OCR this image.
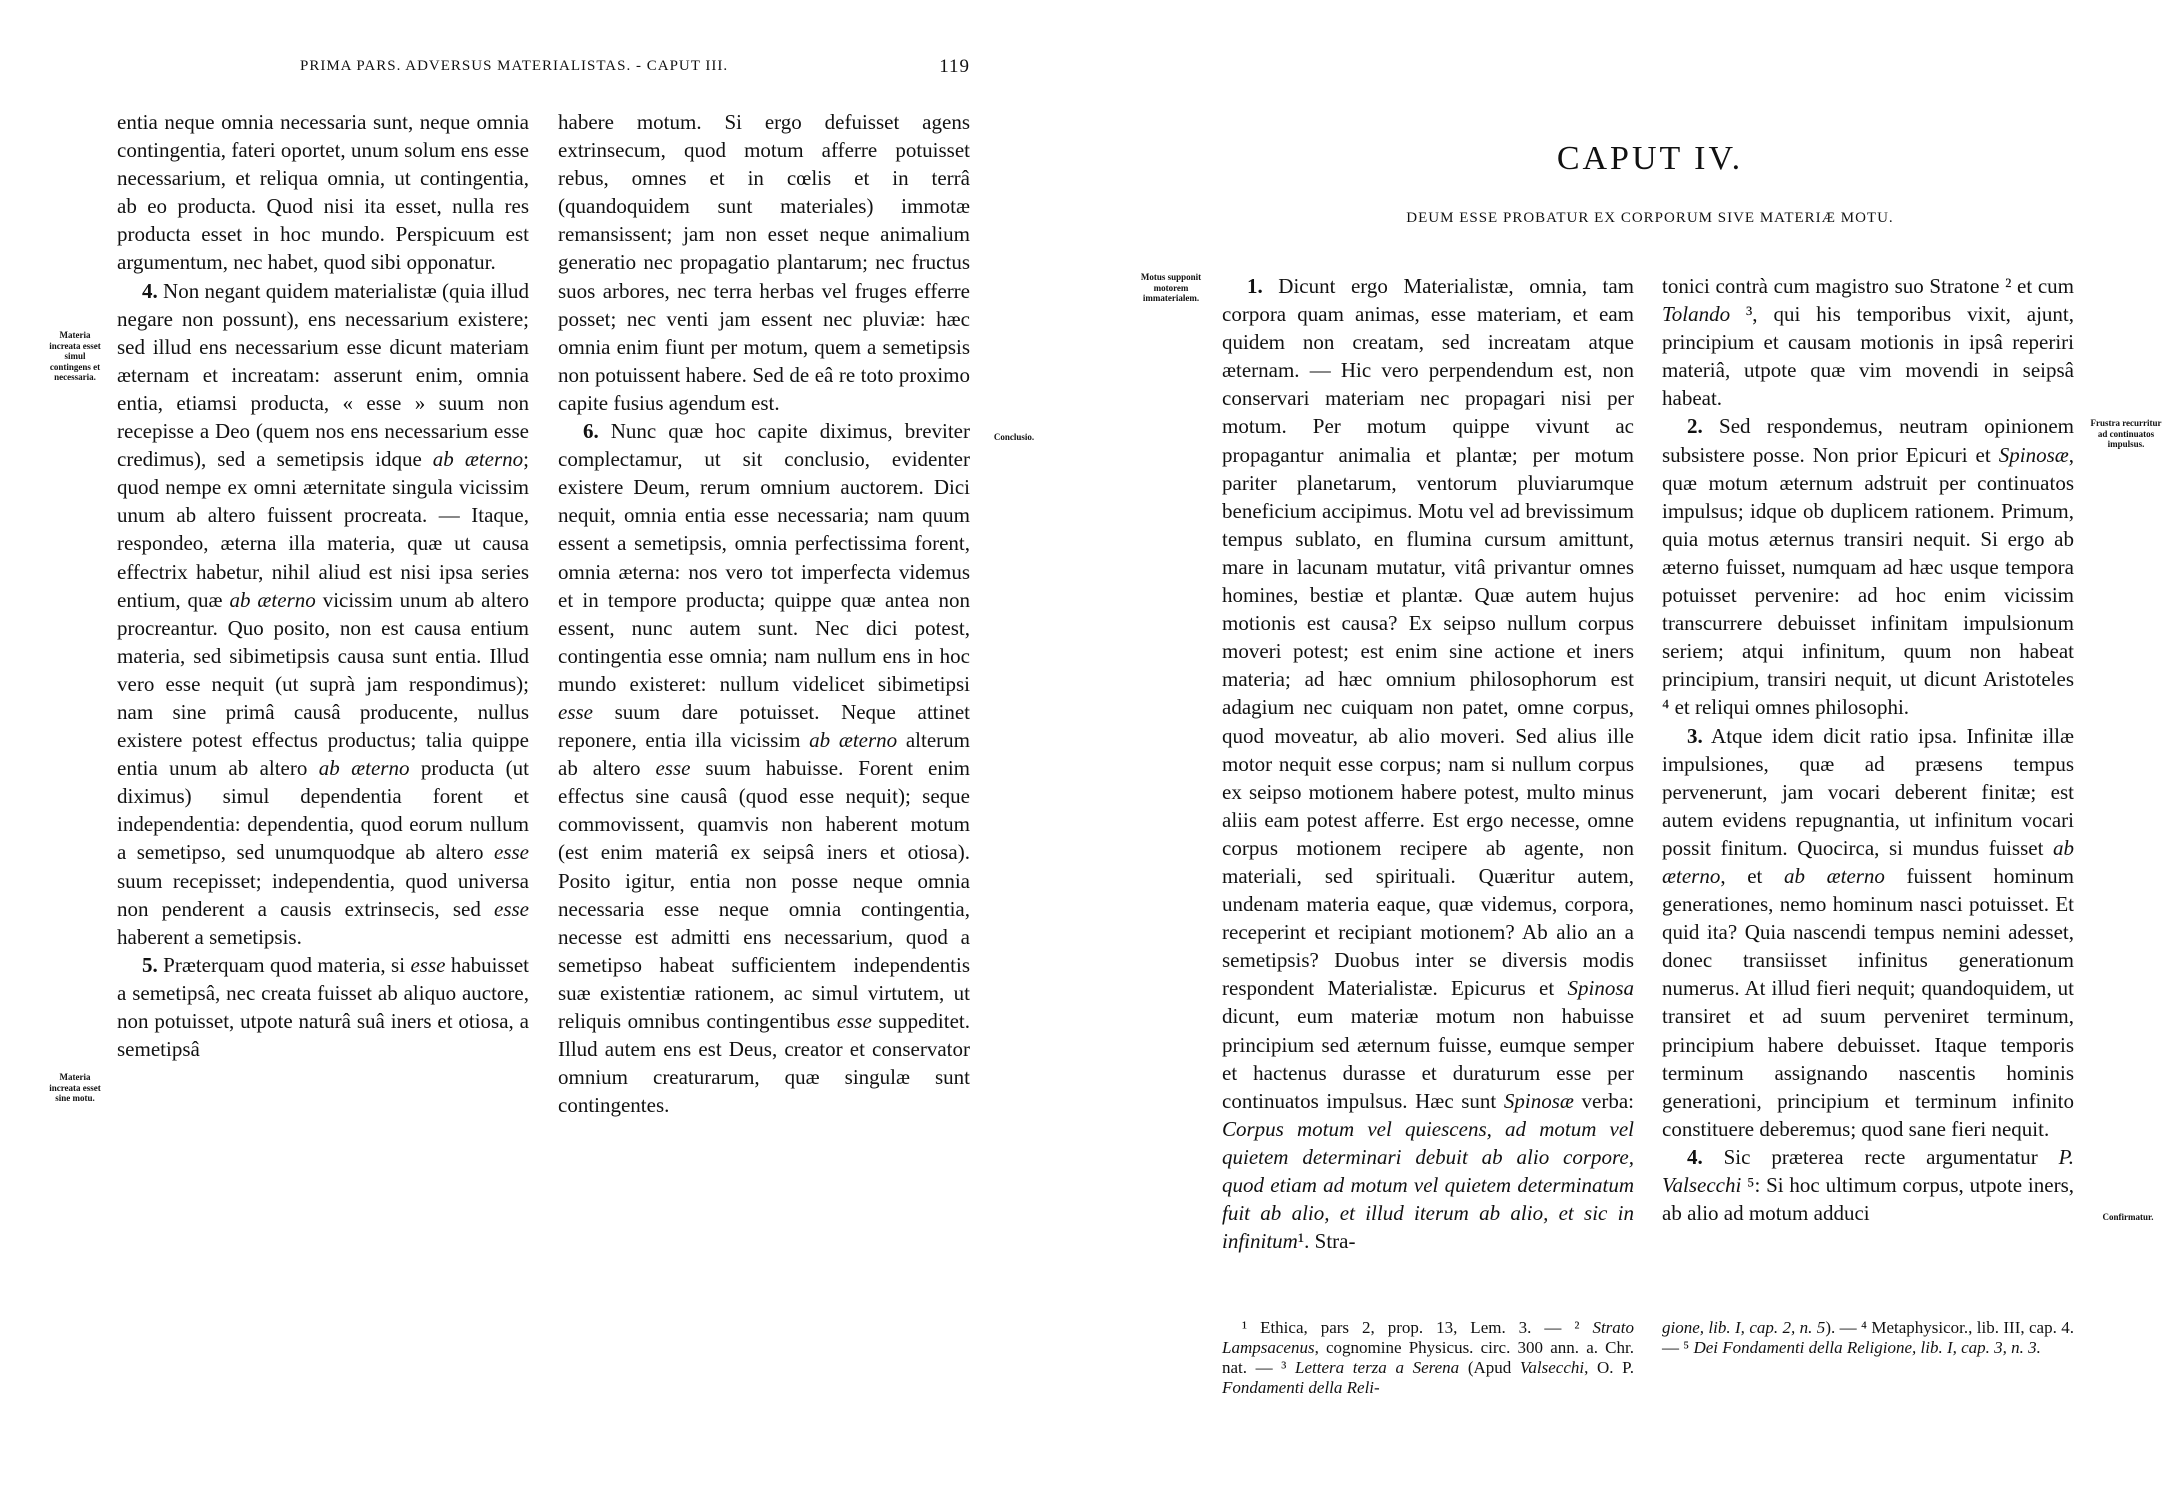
PRIMA PARS. ADVERSUS MATERIALISTAS. - CAPUT III.	119
Materia increata esset simul contingens et necessaria.
Materia increata esset sine motu.
Conclusio.

entia neque omnia necessaria sunt, neque omnia contingentia, fateri oportet, unum solum ens esse necessarium, et reliqua omnia, ut contingentia, ab eo producta. Quod nisi ita esset, nulla res producta esset in hoc mundo. Perspicuum est argumentum, nec habet, quod sibi opponatur.

4. Non negant quidem materialistæ (quia illud negare non possunt), ens necessarium existere; sed illud ens necessarium esse dicunt materiam æternam et increatam: asserunt enim, omnia entia, etiamsi producta, « esse » suum non recepisse a Deo (quem nos ens necessarium esse credimus), sed a semetipsis idque ab æterno; quod nempe ex omni æternitate singula vicissim unum ab altero fuissent procreata. — Itaque, respondeo, æterna illa materia, quæ ut causa effectrix habetur, nihil aliud est nisi ipsa series entium, quæ ab æterno vicissim unum ab altero procreantur. Quo posito, non est causa entium materia, sed sibimetipsis causa sunt entia. Illud vero esse nequit (ut suprà jam respondimus); nam sine primâ causâ producente, nullus existere potest effectus productus; talia quippe entia unum ab altero ab æterno producta (ut diximus) simul dependentia forent et independentia: dependentia, quod eorum nullum a semetipso, sed unumquodque ab altero esse suum recepisset; independentia, quod universa non penderent a causis extrinsecis, sed esse haberent a semetipsis.

5. Præterquam quod materia, si esse habuisset a semetipsâ, nec creata fuisset ab aliquo auctore, non potuisset, utpote naturâ suâ iners et otiosa, a semetipsâ

habere motum. Si ergo defuisset agens extrinsecum, quod motum afferre potuisset rebus, omnes et in cœlis et in terrâ (quandoquidem sunt materiales) immotæ remansissent; jam non esset neque animalium generatio nec propagatio plantarum; nec fructus suos arbores, nec terra herbas vel fruges efferre posset; nec venti jam essent nec pluviæ: hæc omnia enim fiunt per motum, quem a semetipsis non potuissent habere. Sed de eâ re toto proximo capite fusius agendum est.

6. Nunc quæ hoc capite diximus, breviter complectamur, ut sit conclusio, evidenter existere Deum, rerum omnium auctorem. Dici nequit, omnia entia esse necessaria; nam quum essent a semetipsis, omnia perfectissima forent, omnia æterna: nos vero tot imperfecta videmus et in tempore producta; quippe quæ antea non essent, nunc autem sunt. Nec dici potest, contingentia esse omnia; nam nullum ens in hoc mundo existeret: nullum videlicet sibimetipsi esse suum dare potuisset. Neque attinet reponere, entia illa vicissim ab æterno alterum ab altero esse suum habuisse. Forent enim effectus sine causâ (quod esse nequit); seque commovissent, quamvis non haberent motum (est enim materiâ ex seipsâ iners et otiosa). Posito igitur, entia non posse neque omnia necessaria esse neque omnia contingentia, necesse est admitti ens necessarium, quod a semetipso habeat sufficientem independentis suæ existentiæ rationem, ac simul virtutem, ut reliquis omnibus contingentibus esse suppeditet. Illud autem ens est Deus, creator et conservator omnium creaturarum, quæ singulæ sunt contingentes.

CAPUT IV.
DEUM ESSE PROBATUR EX CORPORUM SIVE MATERIÆ MOTU.
Motus supponit motorem immaterialem.
Frustra recurritur ad continuatos impulsus.
Confirmatur.

1. Dicunt ergo Materialistæ, omnia, tam corpora quam animas, esse materiam, et eam quidem non creatam, sed increatam atque æternam. — Hic vero perpendendum est, non conservari materiam nec propagari nisi per motum. Per motum quippe vivunt ac propagantur animalia et plantæ; per motum pariter planetarum, ventorum pluviarumque beneficium accipimus. Motu vel ad brevissimum tempus sublato, en flumina cursum amittunt, mare in lacunam mutatur, vitâ privantur omnes homines, bestiæ et plantæ. Quæ autem hujus motionis est causa? Ex seipso nullum corpus moveri potest; est enim sine actione et iners materia; ad hæc omnium philosophorum est adagium nec cuiquam non patet, omne corpus, quod moveatur, ab alio moveri. Sed alius ille motor nequit esse corpus; nam si nullum corpus ex seipso motionem habere potest, multo minus aliis eam potest afferre. Est ergo necesse, omne corpus motionem recipere ab agente, non materiali, sed spirituali. Quæritur autem, undenam materia eaque, quæ videmus, corpora, receperint et recipiant motionem? Ab alio an a semetipsis? Duobus inter se diversis modis respondent Materialistæ. Epicurus et Spinosa dicunt, eum materiæ motum non habuisse principium sed æternum fuisse, eumque semper et hactenus durasse et duraturum esse per continuatos impulsus. Hæc sunt Spinosæ verba: Corpus motum vel quiescens, ad motum vel quietem determinari debuit ab alio corpore, quod etiam ad motum vel quietem determinatum fuit ab alio, et illud iterum ab alio, et sic in infinitum¹. Stra-

tonici contrà cum magistro suo Stratone ² et cum Tolando ³, qui his temporibus vixit, ajunt, principium et causam motionis in ipsâ reperiri materiâ, utpote quæ vim movendi in seipsâ habeat.

2. Sed respondemus, neutram opinionem subsistere posse. Non prior Epicuri et Spinosæ, quæ motum æternum adstruit per continuatos impulsus; idque ob duplicem rationem. Primum, quia motus æternus transiri nequit. Si ergo ab æterno fuisset, numquam ad hæc usque tempora potuisset pervenire: ad hoc enim vicissim transcurrere debuisset infinitam impulsionum seriem; atqui infinitum, quum non habeat principium, transiri nequit, ut dicunt Aristoteles ⁴ et reliqui omnes philosophi.

3. Atque idem dicit ratio ipsa. Infinitæ illæ impulsiones, quæ ad præsens tempus pervenerunt, jam vocari deberent finitæ; est autem evidens repugnantia, ut infinitum vocari possit finitum. Quocirca, si mundus fuisset ab æterno, et ab æterno fuissent hominum generationes, nemo hominum nasci potuisset. Et quid ita? Quia nascendi tempus nemini adesset, donec transiisset infinitus generationum numerus. At illud fieri nequit; quandoquidem, ut transiret et ad suum perveniret terminum, principium habere debuisset. Itaque temporis terminum assignando nascentis hominis generationi, principium et terminum infinito constituere deberemus; quod sane fieri nequit.

4. Sic præterea recte argumentatur P. Valsecchi ⁵: Si hoc ultimum corpus, utpote iners, ab alio ad motum adduci

¹ Ethica, pars 2, prop. 13, Lem. 3. — ² Strato Lampsacenus, cognomine Physicus. circ. 300 ann. a. Chr. nat. — ³ Lettera terza a Serena (Apud Valsecchi, O. P. Fondamenti della Reli-

gione, lib. I, cap. 2, n. 5). — ⁴ Metaphysicor., lib. III, cap. 4. — ⁵ Dei Fondamenti della Religione, lib. I, cap. 3, n. 3.
